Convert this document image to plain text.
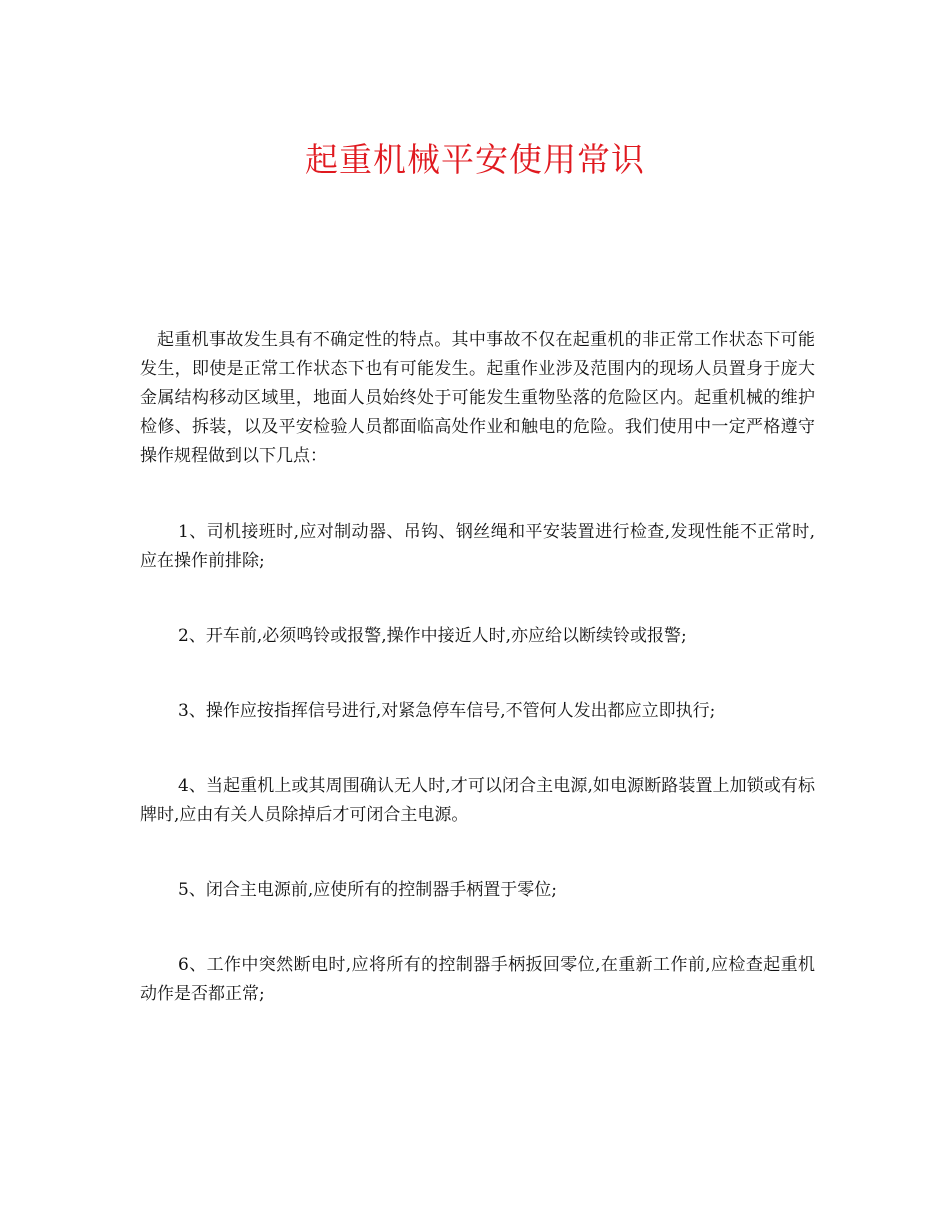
起重机械平安使用常识

起重机事故发生具有不确定性的特点。其中事故不仅在起重机的非正常工作状态下可能发生，即使是正常工作状态下也有可能发生。起重作业涉及范围内的现场人员置身于庞大金属结构移动区域里，地面人员始终处于可能发生重物坠落的危险区内。起重机械的维护检修、拆装，以及平安检验人员都面临高处作业和触电的危险。我们使用中一定严格遵守操作规程做到以下几点：

1、司机接班时,应对制动器、吊钩、钢丝绳和平安装置进行检查,发现性能不正常时,应在操作前排除;

2、开车前,必须鸣铃或报警,操作中接近人时,亦应给以断续铃或报警;

3、操作应按指挥信号进行,对紧急停车信号,不管何人发出都应立即执行;

4、当起重机上或其周围确认无人时,才可以闭合主电源,如电源断路装置上加锁或有标牌时,应由有关人员除掉后才可闭合主电源。

5、闭合主电源前,应使所有的控制器手柄置于零位;

6、工作中突然断电时,应将所有的控制器手柄扳回零位,在重新工作前,应检查起重机动作是否都正常;
